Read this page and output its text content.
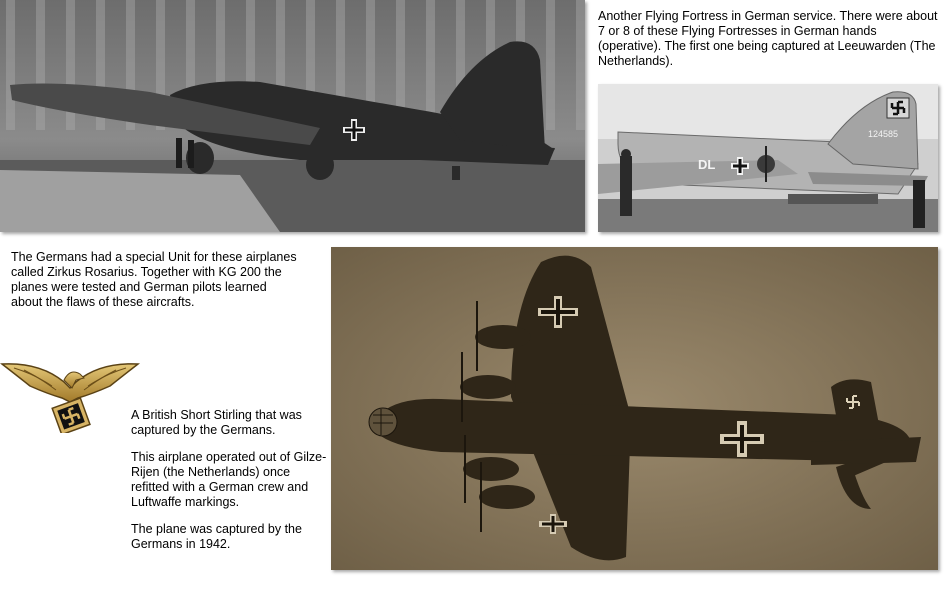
Another Flying Fortress in German service. There were about 7 or 8 of these Flying Fortresses in German hands (operative). The first one being captured at Leeuwarden (The Netherlands).

124585
DL

The Germans had a special Unit for these airplanes called Zirkus Rosarius. Together with KG 200 the planes were tested and German pilots learned about the flaws of these aircrafts.

A British Short Stirling that was captured by the Germans.

This airplane operated out of Gilze-Rijen (the Netherlands) once refitted with a German crew and Luftwaffe markings.

The plane was captured by the Germans in 1942.
